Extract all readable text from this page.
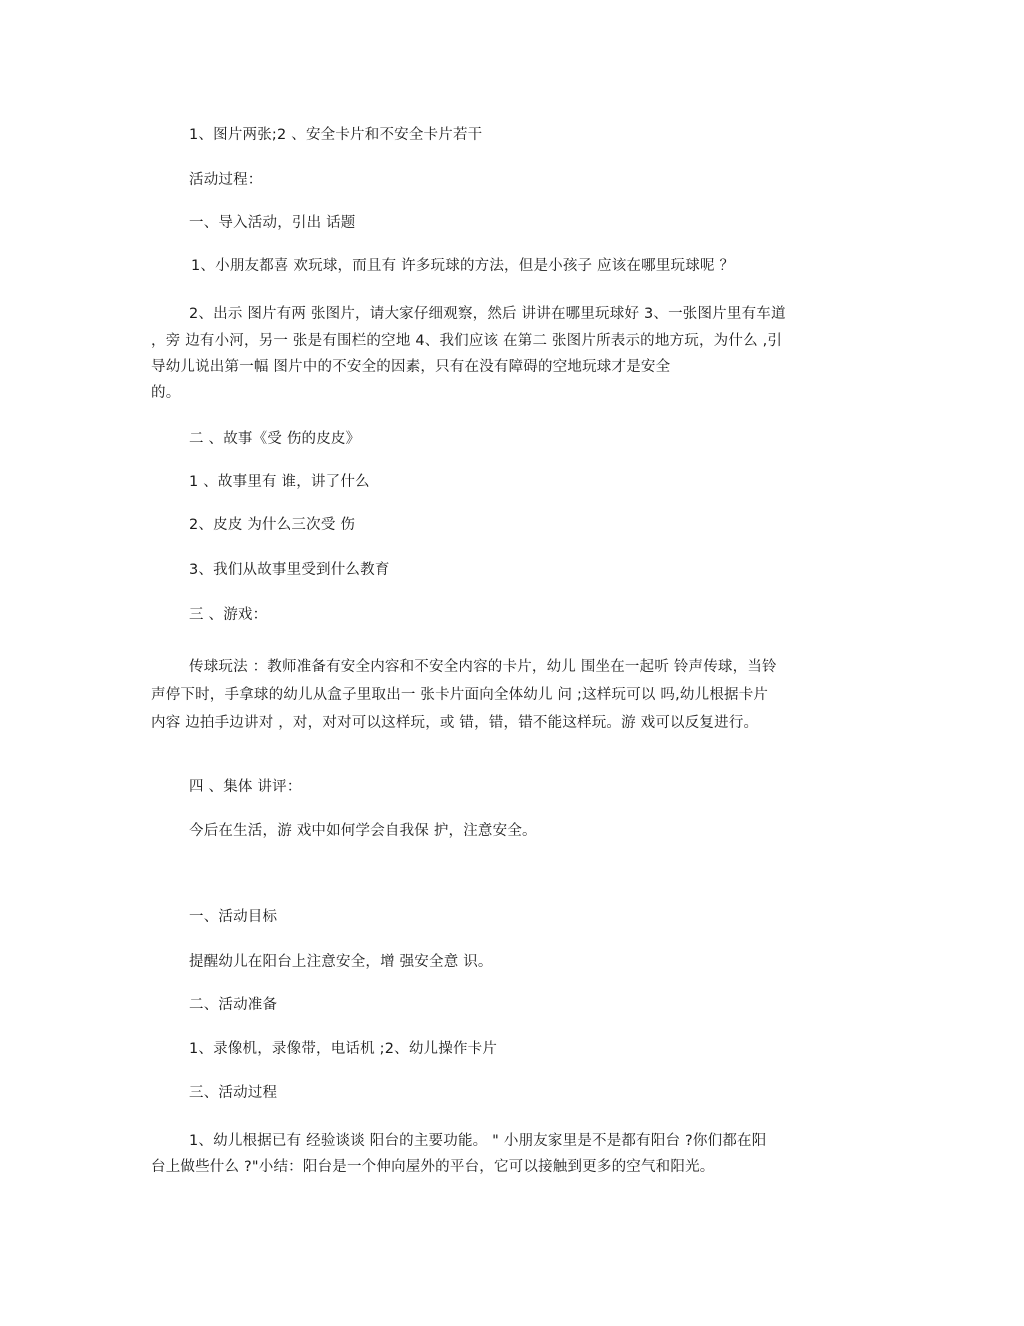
1、图片两张;2 、安全卡片和不安全卡片若干
活动过程：
一、导入活动，引出 话题
1、小朋友都喜 欢玩球，而且有 许多玩球的方法，但是小孩子 应该在哪里玩球呢 ？
2、出示 图片有两 张图片，请大家仔细观察，然后 讲讲在哪里玩球好 3、一张图片里有车道
，旁 边有小河，另一 张是有围栏的空地 4、我们应该 在第二 张图片所表示的地方玩，为什么 ,引
导幼儿说出第一幅 图片中的不安全的因素，只有在没有障碍的空地玩球才是安全
的。
二 、故事《受 伤的皮皮》
1 、故事里有 谁，讲了什么
2、皮皮 为什么三次受 伤
3、我们从故事里受到什么教育
三 、游戏：
传球玩法 ：教师准备有安全内容和不安全内容的卡片，幼儿 围坐在一起听 铃声传球，当铃
声停下时，手拿球的幼儿从盒子里取出一 张卡片面向全体幼儿 问 ;这样玩可以 吗,幼儿根据卡片
内容 边拍手边讲对 ，对，对对可以这样玩，或 错，错，错不能这样玩。游 戏可以反复进行。
四 、集体 讲评：
今后在生活，游 戏中如何学会自我保 护，注意安全。
一、活动目标
提醒幼儿在阳台上注意安全，增 强安全意 识。
二、活动准备
1、录像机，录像带，电话机 ;2、幼儿操作卡片
三、活动过程
1、幼儿根据已有 经验谈谈 阳台的主要功能。 " 小朋友家里是不是都有阳台 ?你们都在阳
台上做些什么 ?"小结：阳台是一个伸向屋外的平台，它可以接触到更多的空气和阳光。
